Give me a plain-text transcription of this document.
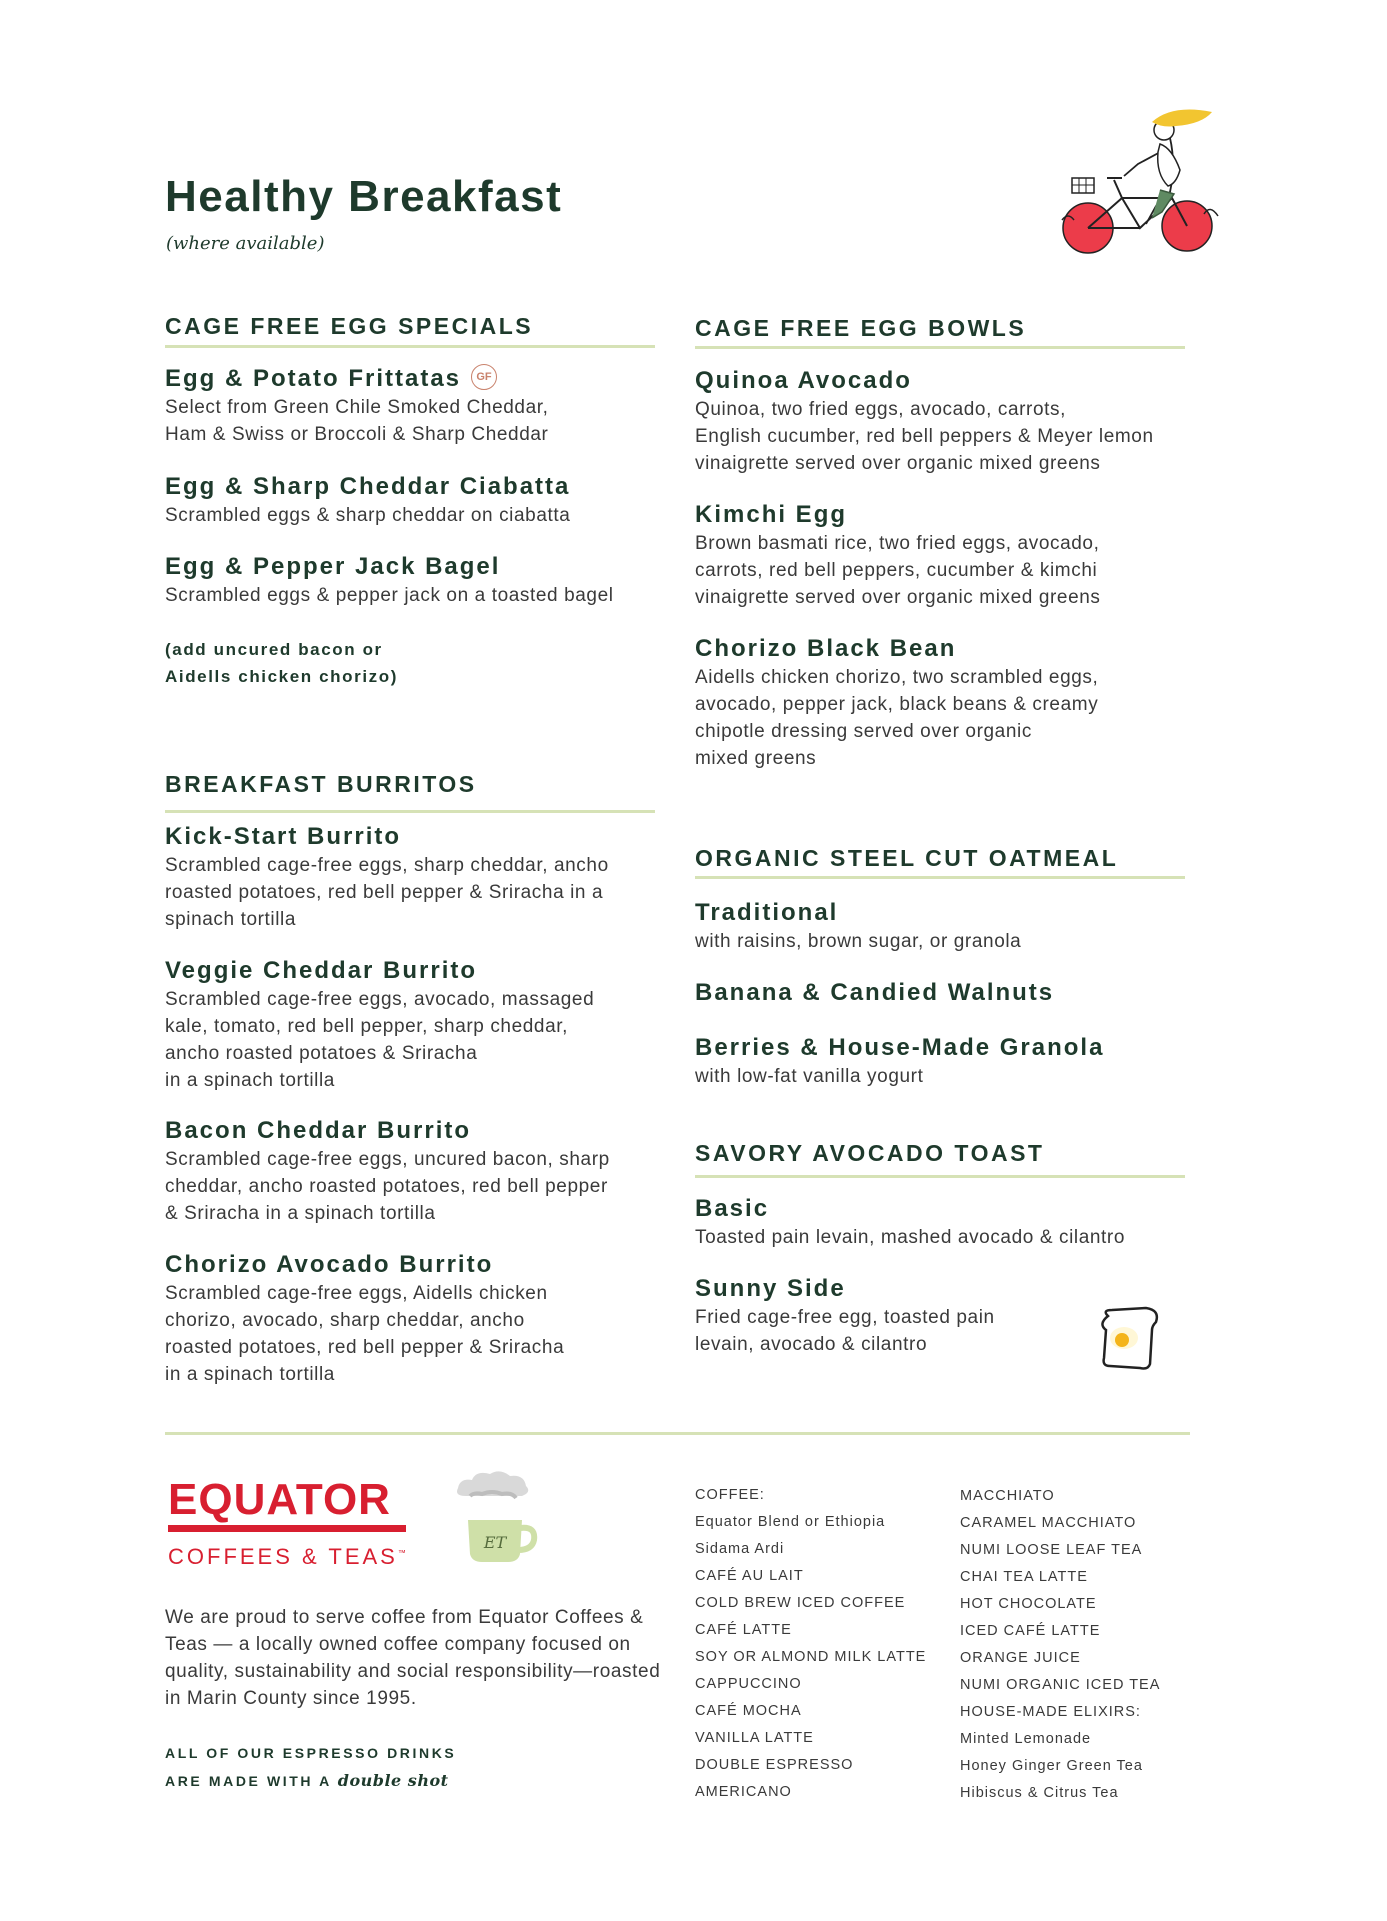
Healthy Breakfast
(where available)
CAGE FREE EGG SPECIALS
Egg & Potato Frittatas GF
Select from Green Chile Smoked Cheddar,
Ham & Swiss or Broccoli & Sharp Cheddar
Egg & Sharp Cheddar Ciabatta
Scrambled eggs & sharp cheddar on ciabatta
Egg & Pepper Jack Bagel
Scrambled eggs & pepper jack on a toasted bagel
(add uncured bacon or
Aidells chicken chorizo)
BREAKFAST BURRITOS
Kick-Start Burrito
Scrambled cage-free eggs, sharp cheddar, ancho
roasted potatoes, red bell pepper & Sriracha in a
spinach tortilla
Veggie Cheddar Burrito
Scrambled cage-free eggs, avocado, massaged
kale, tomato, red bell pepper, sharp cheddar,
ancho roasted potatoes & Sriracha
in a spinach tortilla
Bacon Cheddar Burrito
Scrambled cage-free eggs, uncured bacon, sharp
cheddar, ancho roasted potatoes, red bell pepper
& Sriracha in a spinach tortilla
Chorizo Avocado Burrito
Scrambled cage-free eggs, Aidells chicken
chorizo, avocado, sharp cheddar, ancho
roasted potatoes, red bell pepper & Sriracha
in a spinach tortilla
CAGE FREE EGG BOWLS
Quinoa Avocado
Quinoa, two fried eggs, avocado, carrots,
English cucumber, red bell peppers & Meyer lemon
vinaigrette served over organic mixed greens
Kimchi Egg
Brown basmati rice, two fried eggs, avocado,
carrots, red bell peppers, cucumber & kimchi
vinaigrette served over organic mixed greens
Chorizo Black Bean
Aidells chicken chorizo, two scrambled eggs,
avocado, pepper jack, black beans & creamy
chipotle dressing served over organic
mixed greens
ORGANIC STEEL CUT OATMEAL
Traditional
with raisins, brown sugar, or granola
Banana & Candied Walnuts
Berries & House-Made Granola
with low-fat vanilla yogurt
SAVORY AVOCADO TOAST
Basic
Toasted pain levain, mashed avocado & cilantro
Sunny Side
Fried cage-free egg, toasted pain
levain, avocado & cilantro
EQUATOR
COFFEES & TEAS™
ET
We are proud to serve coffee from Equator Coffees & Teas — a locally owned coffee company focused on quality, sustainability and social responsibility—roasted in Marin County since 1995.
ALL OF OUR ESPRESSO DRINKS
ARE MADE WITH A double shot
COFFEE:
Equator Blend or Ethiopia
Sidama Ardi
CAFÉ AU LAIT
COLD BREW ICED COFFEE
CAFÉ LATTE
SOY OR ALMOND MILK LATTE
CAPPUCCINO
CAFÉ MOCHA
VANILLA LATTE
DOUBLE ESPRESSO
AMERICANO
MACCHIATO
CARAMEL MACCHIATO
NUMI LOOSE LEAF TEA
CHAI TEA LATTE
HOT CHOCOLATE
ICED CAFÉ LATTE
ORANGE JUICE
NUMI ORGANIC ICED TEA
HOUSE-MADE ELIXIRS:
Minted Lemonade
Honey Ginger Green Tea
Hibiscus & Citrus Tea
